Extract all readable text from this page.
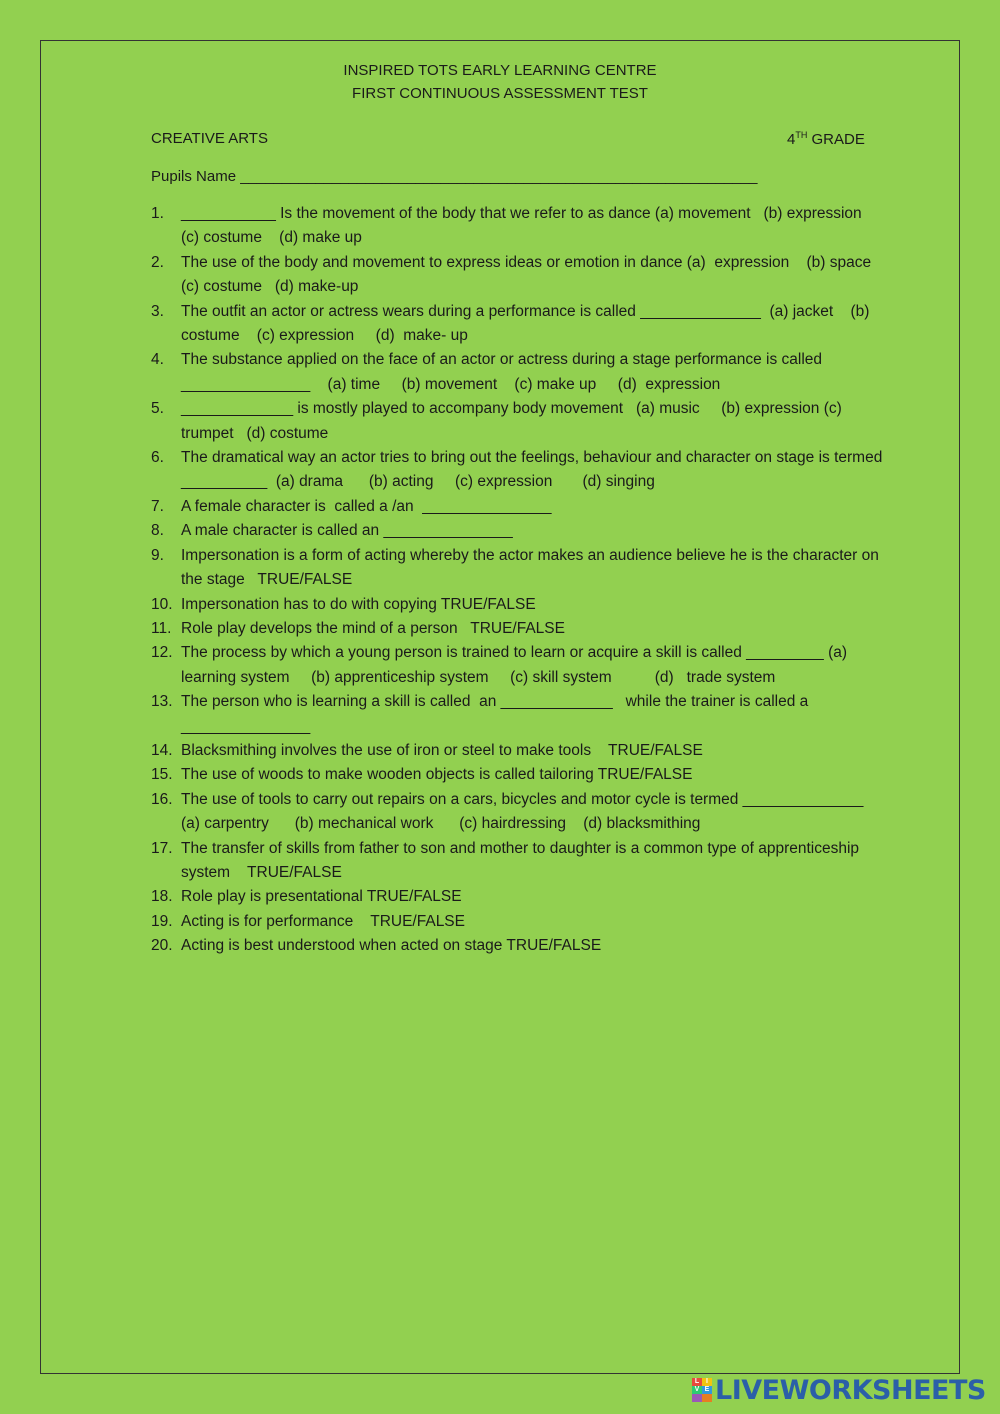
INSPIRED TOTS EARLY LEARNING CENTRE
FIRST CONTINUOUS ASSESSMENT TEST
CREATIVE ARTS	4TH GRADE
Pupils Name ______________________________________________________________
1.	___________ Is the movement of the body that we refer to as dance (a) movement   (b) expression   (c) costume    (d) make up
2.	The use of the body and movement to express ideas or emotion in dance (a)  expression    (b) space   (c) costume   (d) make-up
3.	The outfit an actor or actress wears during a performance is called ______________  (a) jacket    (b) costume    (c) expression     (d)  make- up
4.	The substance applied on the face of an actor or actress during a stage performance is called _______________    (a) time     (b) movement    (c) make up     (d)  expression
5.	_____________ is mostly played to accompany body movement   (a) music     (b) expression (c) trumpet   (d) costume
6.	The dramatical way an actor tries to bring out the feelings, behaviour and character on stage is termed __________  (a) drama      (b) acting     (c) expression       (d) singing
7.	A female character is  called a /an  _______________
8.	A male character is called an _______________
9.	Impersonation is a form of acting whereby the actor makes an audience believe he is the character on the stage   TRUE/FALSE
10. Impersonation has to do with copying TRUE/FALSE
11. Role play develops the mind of a person   TRUE/FALSE
12. The process by which a young person is trained to learn or acquire a skill is called _________ (a) learning system     (b) apprenticeship system     (c) skill system          (d)   trade system
13. The person who is learning a skill is called  an _____________   while the trainer is called a _______________
14. Blacksmithing involves the use of iron or steel to make tools    TRUE/FALSE
15. The use of woods to make wooden objects is called tailoring TRUE/FALSE
16. The use of tools to carry out repairs on a cars, bicycles and motor cycle is termed ______________  (a) carpentry      (b) mechanical work      (c) hairdressing    (d) blacksmithing
17. The transfer of skills from father to son and mother to daughter is a common type of apprenticeship system    TRUE/FALSE
18. Role play is presentational TRUE/FALSE
19. Acting is for performance    TRUE/FALSE
20. Acting is best understood when acted on stage TRUE/FALSE
L I
V E LIVEWORKSHEETS
